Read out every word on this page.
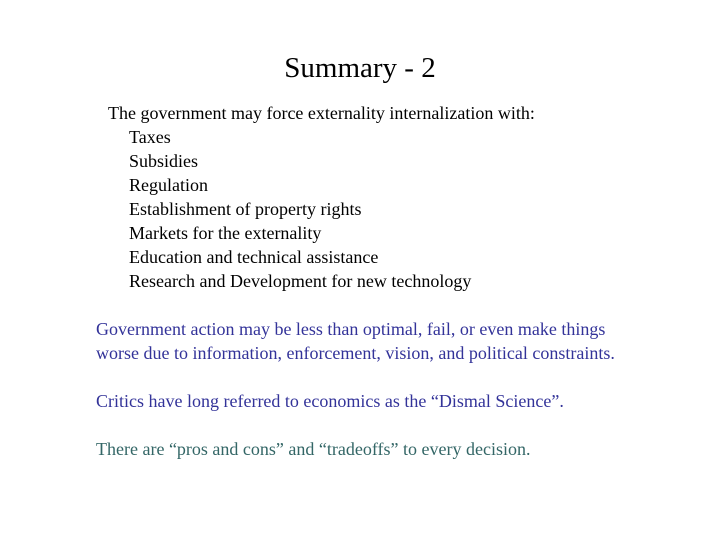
Summary - 2
The government may force externality internalization with:
Taxes
Subsidies
Regulation
Establishment of property rights
Markets for the externality
Education and technical assistance
Research and Development for new technology
Government action may be less than optimal, fail, or even make things
worse due to information, enforcement, vision, and political constraints.
Critics have long referred to economics as the “Dismal Science”.
There are “pros and cons” and “tradeoffs” to every decision.
